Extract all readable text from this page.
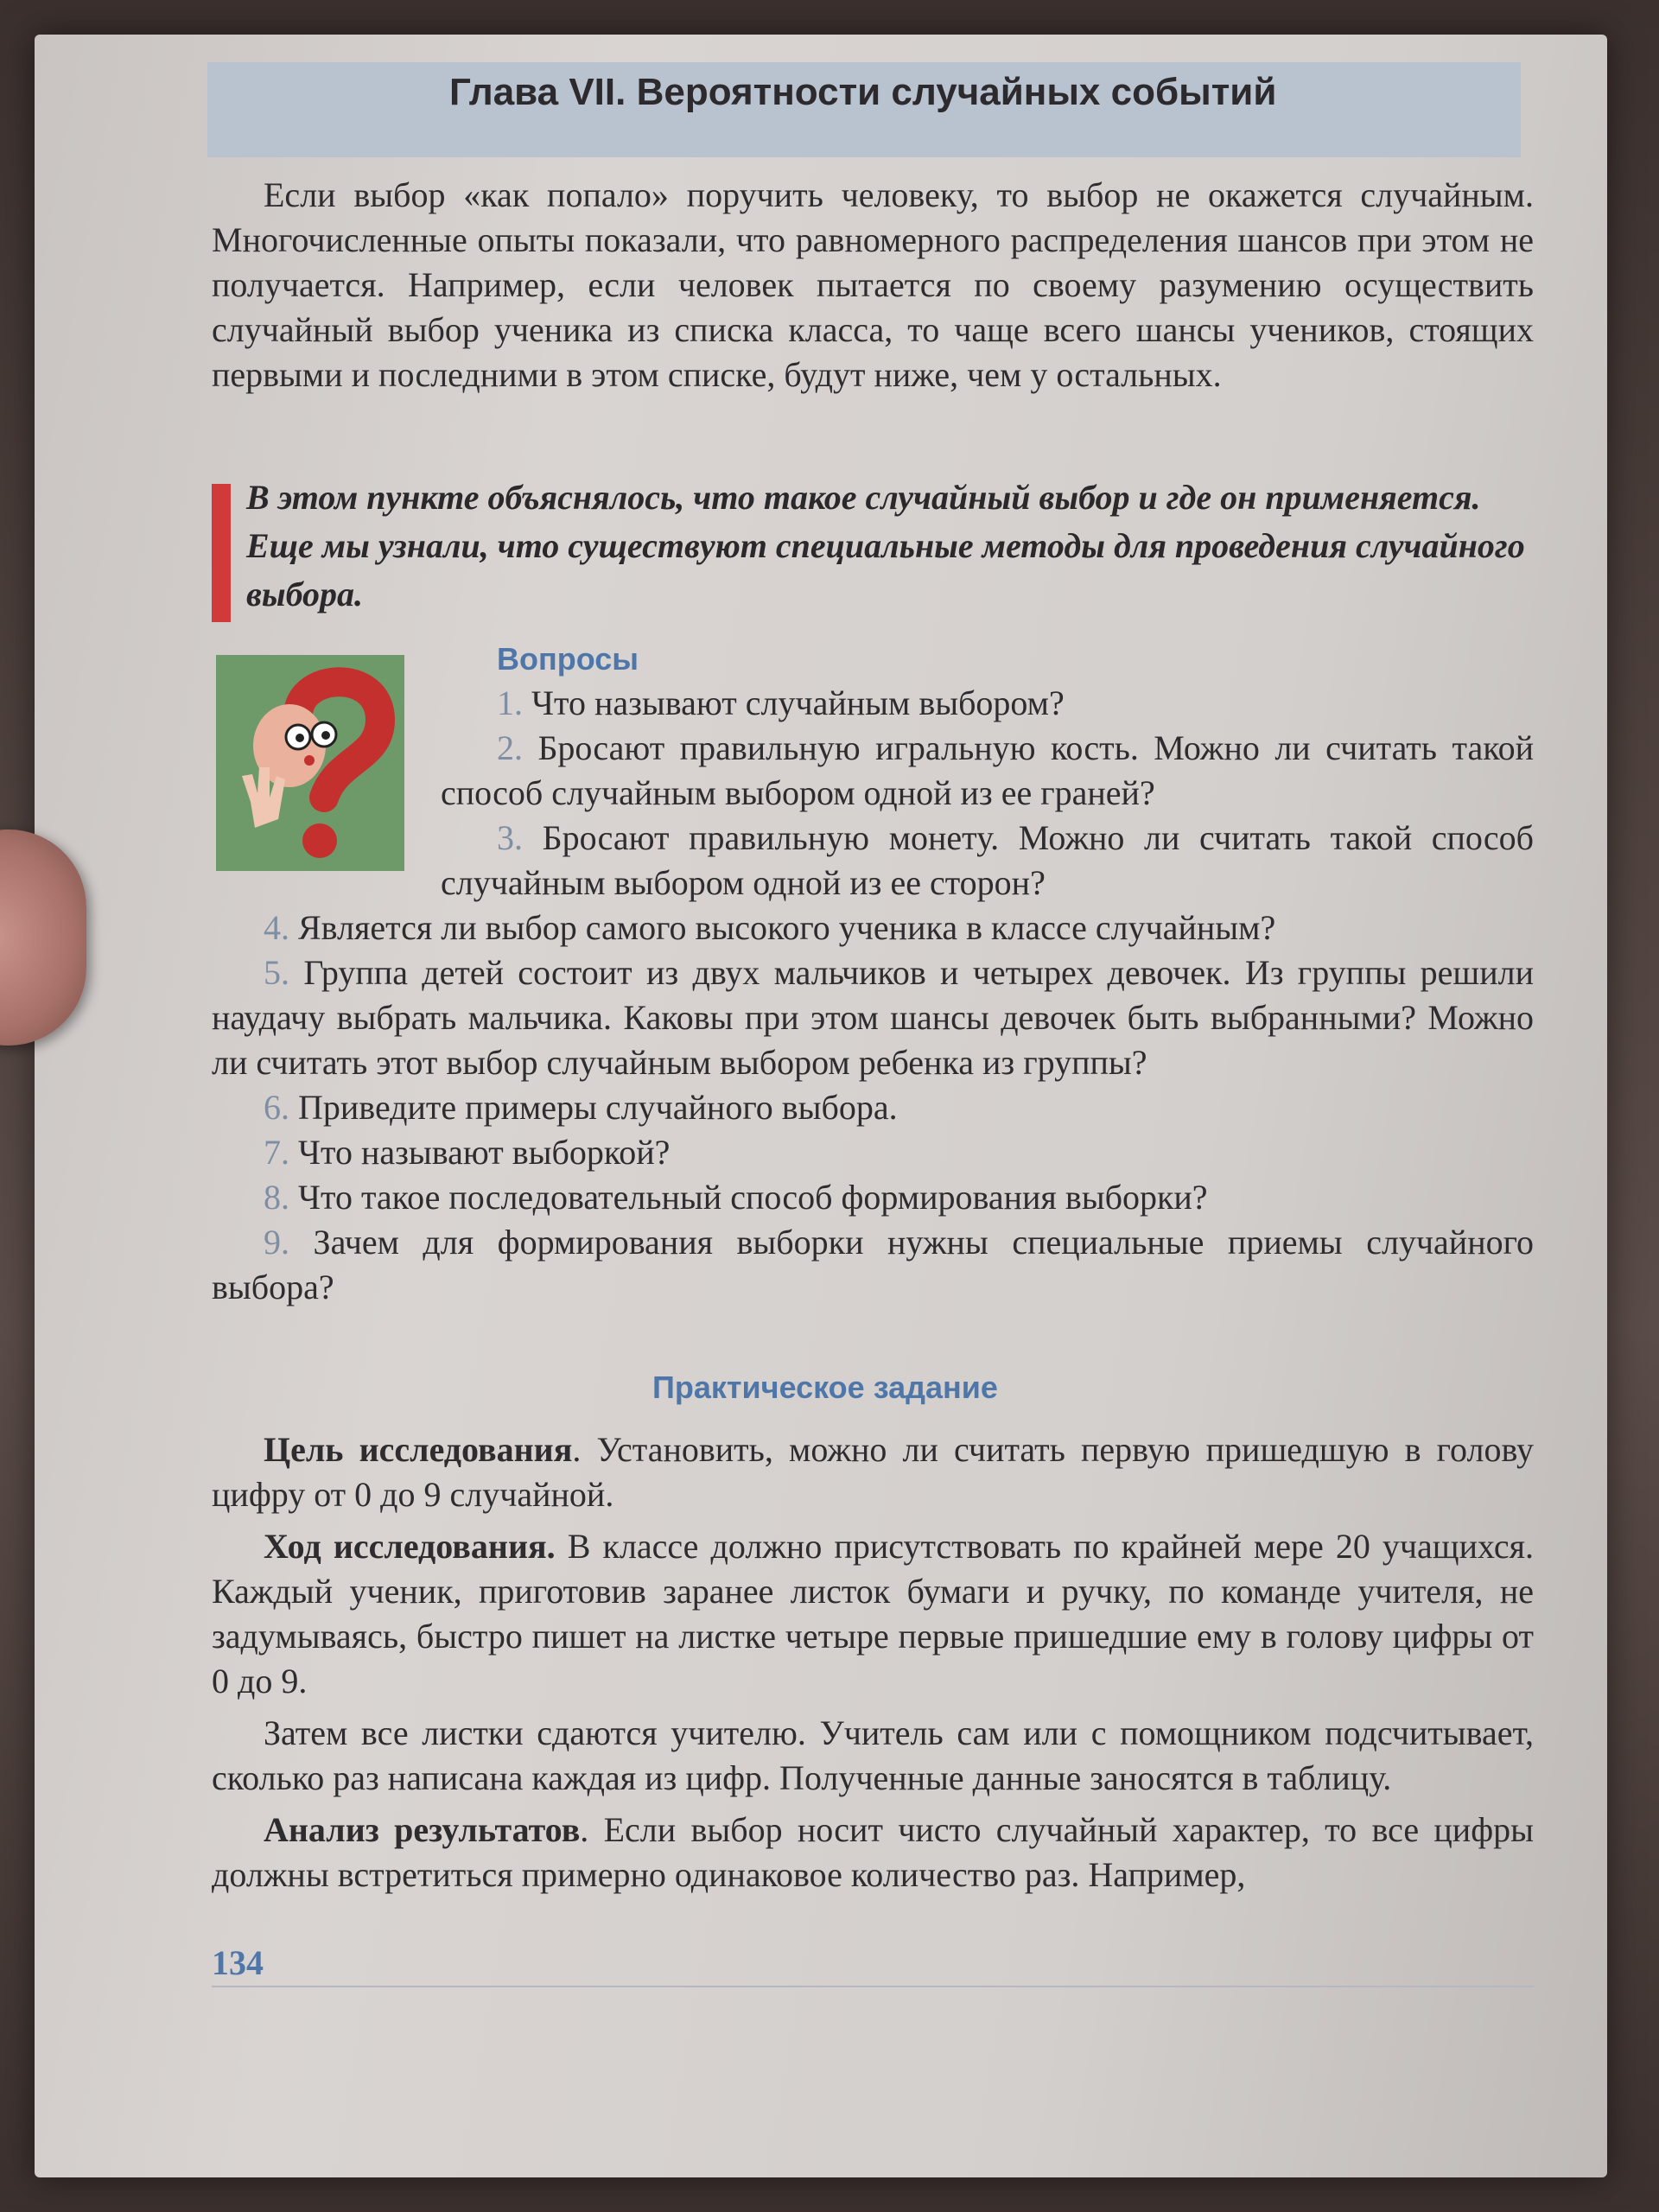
Глава VII. Вероятности случайных событий

Если выбор «как попало» поручить человеку, то выбор не окажется случайным. Многочисленные опыты показали, что равномерного распределения шансов при этом не получается. Например, если человек пытается по своему разумению осуществить случайный выбор ученика из списка класса, то чаще всего шансы учеников, стоящих первыми и последними в этом списке, будут ниже, чем у остальных.

В этом пункте объяснялось, что такое случайный выбор и где он применяется. Еще мы узнали, что существуют специальные методы для проведения случайного выбора.
Вопросы
1. Что называют случайным выбором?
2. Бросают правильную игральную кость. Можно ли считать такой способ случайным выбором одной из ее граней?
3. Бросают правильную монету. Можно ли считать такой способ случайным выбором одной из ее сторон?
4. Является ли выбор самого высокого ученика в классе случайным?
5. Группа детей состоит из двух мальчиков и четырех девочек. Из группы решили наудачу выбрать мальчика. Каковы при этом шансы девочек быть выбранными? Можно ли считать этот выбор случайным выбором ребенка из группы?
6. Приведите примеры случайного выбора.
7. Что называют выборкой?
8. Что такое последовательный способ формирования выборки?
9. Зачем для формирования выборки нужны специальные приемы случайного выбора?
Практическое задание

Цель исследования. Установить, можно ли считать первую пришедшую в голову цифру от 0 до 9 случайной.

Ход исследования. В классе должно присутствовать по крайней мере 20 учащихся. Каждый ученик, приготовив заранее листок бумаги и ручку, по команде учителя, не задумываясь, быстро пишет на листке четыре первые пришедшие ему в голову цифры от 0 до 9.

Затем все листки сдаются учителю. Учитель сам или с помощником подсчитывает, сколько раз написана каждая из цифр. Полученные данные заносятся в таблицу.

Анализ результатов. Если выбор носит чисто случайный характер, то все цифры должны встретиться примерно одинаковое количество раз. Например,

134
